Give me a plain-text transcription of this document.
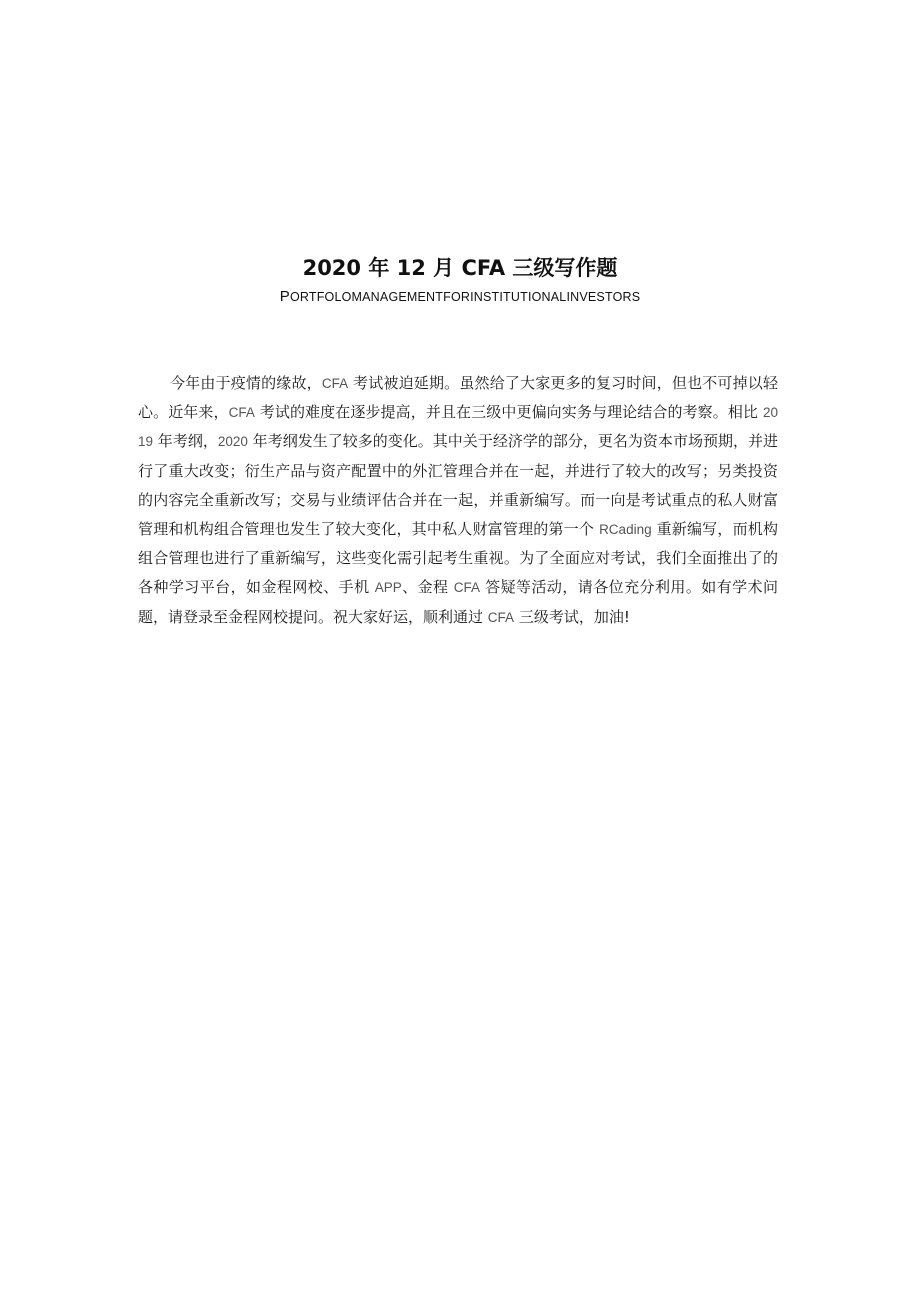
2020 年 12 月 CFA 三级写作题
PORTFOLOMANAGEMENTFORINSTITUTIONALINVESTORS

今年由于疫情的缘故，CFA 考试被迫延期。虽然给了大家更多的复习时间，但也不可掉以轻心。近年来，CFA 考试的难度在逐步提高，并且在三级中更偏向实务与理论结合的考察。相比 2019 年考纲，2020 年考纲发生了较多的变化。其中关于经济学的部分，更名为资本市场预期，并进行了重大改变；衍生产品与资产配置中的外汇管理合并在一起，并进行了较大的改写；另类投资的内容完全重新改写；交易与业绩评估合并在一起，并重新编写。而一向是考试重点的私人财富管理和机构组合管理也发生了较大变化，其中私人财富管理的第一个 RCading 重新编写，而机构组合管理也进行了重新编写，这些变化需引起考生重视。为了全面应对考试，我们全面推出了的各种学习平台，如金程网校、手机 APP、金程 CFA 答疑等活动，请各位充分利用。如有学术问题，请登录至金程网校提问。祝大家好运，顺利通过 CFA 三级考试，加油!
